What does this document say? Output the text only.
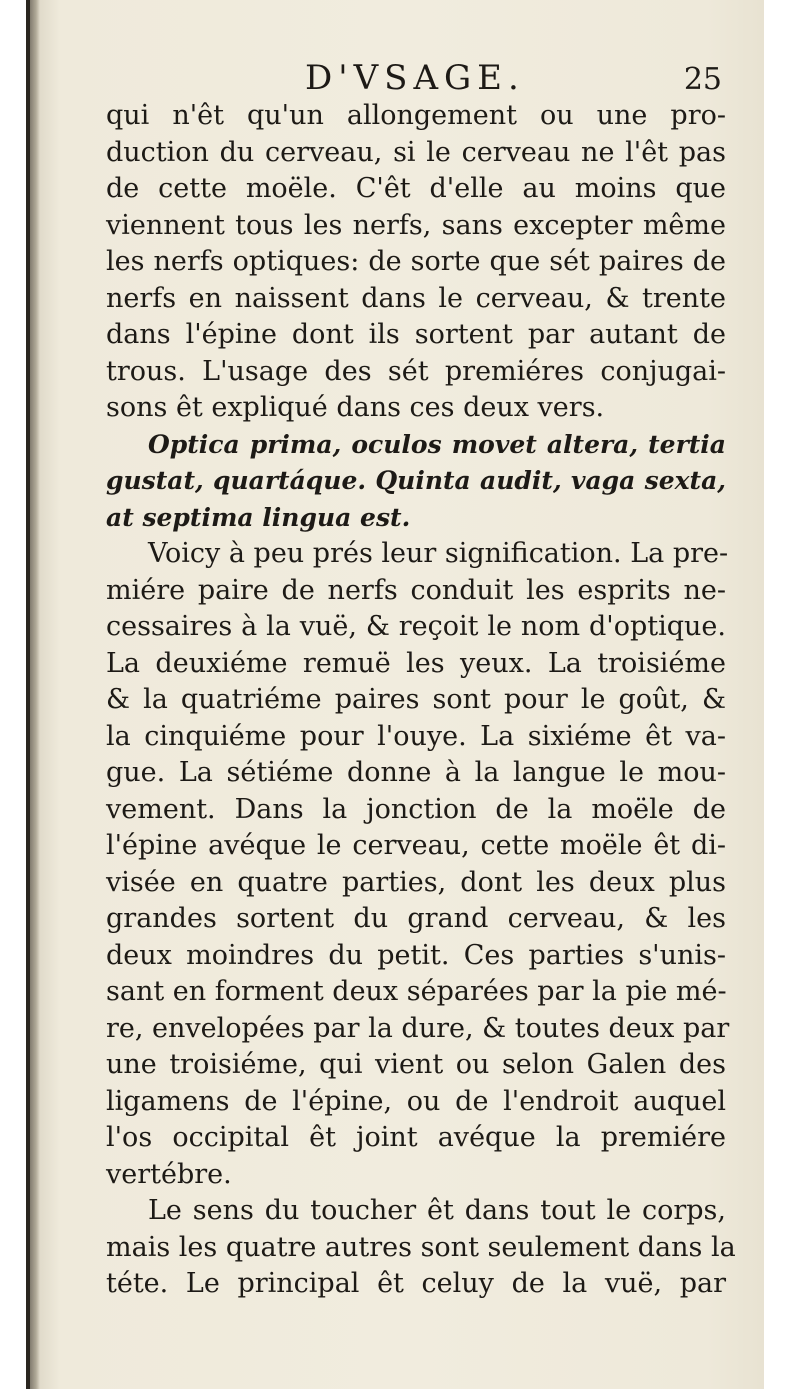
D'VSAGE.	25
qui n'êt qu'un allongement ou une pro-
duction du cerveau, si le cerveau ne l'êt pas
de cette moële. C'êt d'elle au moins que
viennent tous les nerfs, sans excepter même
les nerfs optiques: de sorte que sét paires de
nerfs en naissent dans le cerveau, & trente
dans l'épine dont ils sortent par autant de
trous. L'usage des sét premiéres conjugai-
sons êt expliqué dans ces deux vers.
Optica prima, oculos movet altera, tertia
gustat, quartáque. Quinta audit, vaga sexta,
at septima lingua est.
Voicy à peu prés leur signification. La pre-
miére paire de nerfs conduit les esprits ne-
cessaires à la vuë, & reçoit le nom d'optique.
La deuxiéme remuë les yeux. La troisiéme
& la quatriéme paires sont pour le goût, &
la cinquiéme pour l'ouye. La sixiéme êt va-
gue. La sétiéme donne à la langue le mou-
vement. Dans la jonction de la moële de
l'épine avéque le cerveau, cette moële êt di-
visée en quatre parties, dont les deux plus
grandes sortent du grand cerveau, & les
deux moindres du petit. Ces parties s'unis-
sant en forment deux séparées par la pie mé-
re, envelopées par la dure, & toutes deux par
une troisiéme, qui vient ou selon Galen des
ligamens de l'épine, ou de l'endroit auquel
l'os occipital êt joint avéque la premiére
vertébre.
Le sens du toucher êt dans tout le corps,
mais les quatre autres sont seulement dans la
téte. Le principal êt celuy de la vuë, par
